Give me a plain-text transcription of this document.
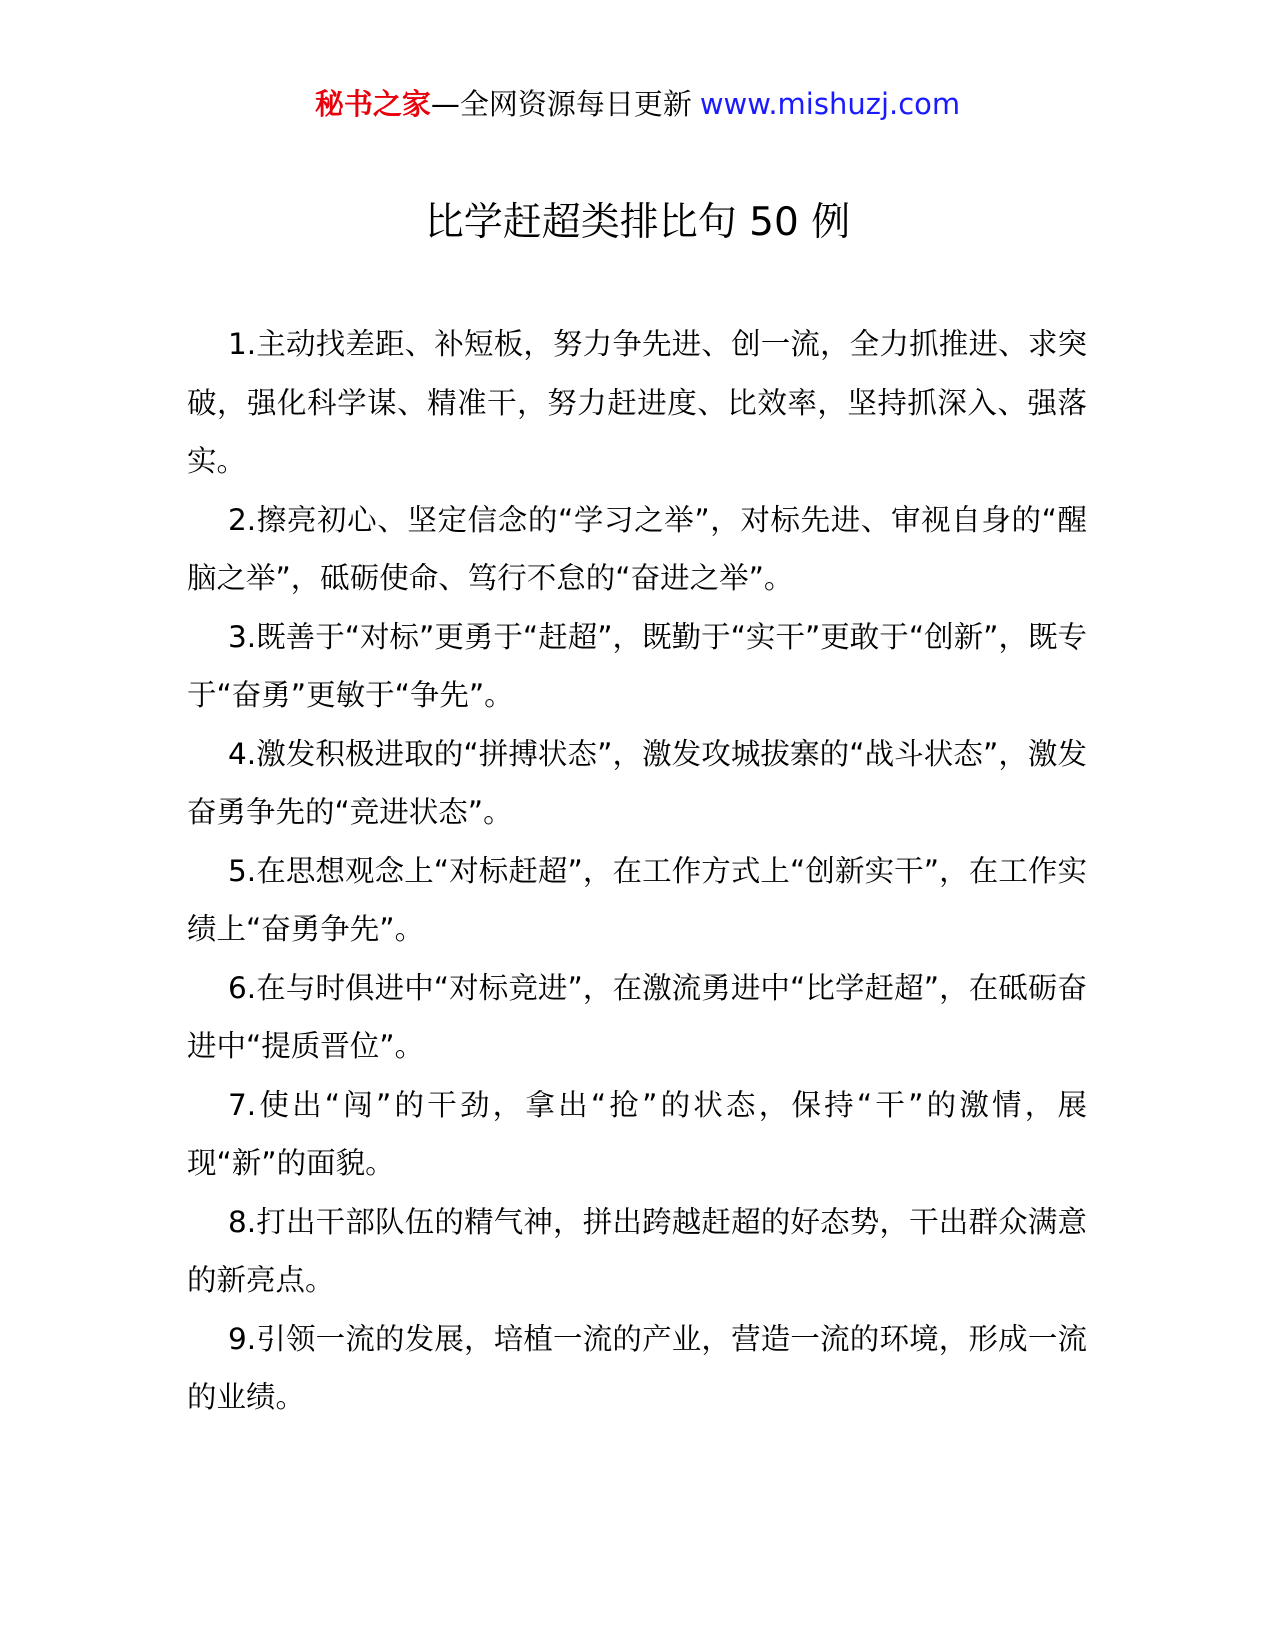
秘书之家—全网资源每日更新 www.mishuzj.com
比学赶超类排比句 50 例

1.主动找差距、补短板，努力争先进、创一流，全力抓推进、求突破，强化科学谋、精准干，努力赶进度、比效率，坚持抓深入、强落实。

2.擦亮初心、坚定信念的“学习之举”，对标先进、审视自身的“醒脑之举”，砥砺使命、笃行不怠的“奋进之举”。

3.既善于“对标”更勇于“赶超”，既勤于“实干”更敢于“创新”，既专于“奋勇”更敏于“争先”。

4.激发积极进取的“拼搏状态”，激发攻城拔寨的“战斗状态”，激发奋勇争先的“竞进状态”。

5.在思想观念上“对标赶超”，在工作方式上“创新实干”，在工作实绩上“奋勇争先”。

6.在与时俱进中“对标竞进”，在激流勇进中“比学赶超”，在砥砺奋进中“提质晋位”。

7.使出“闯”的干劲，拿出“抢”的状态，保持“干”的激情，展现“新”的面貌。

8.打出干部队伍的精气神，拼出跨越赶超的好态势，干出群众满意的新亮点。

9.引领一流的发展，培植一流的产业，营造一流的环境，形成一流的业绩。
